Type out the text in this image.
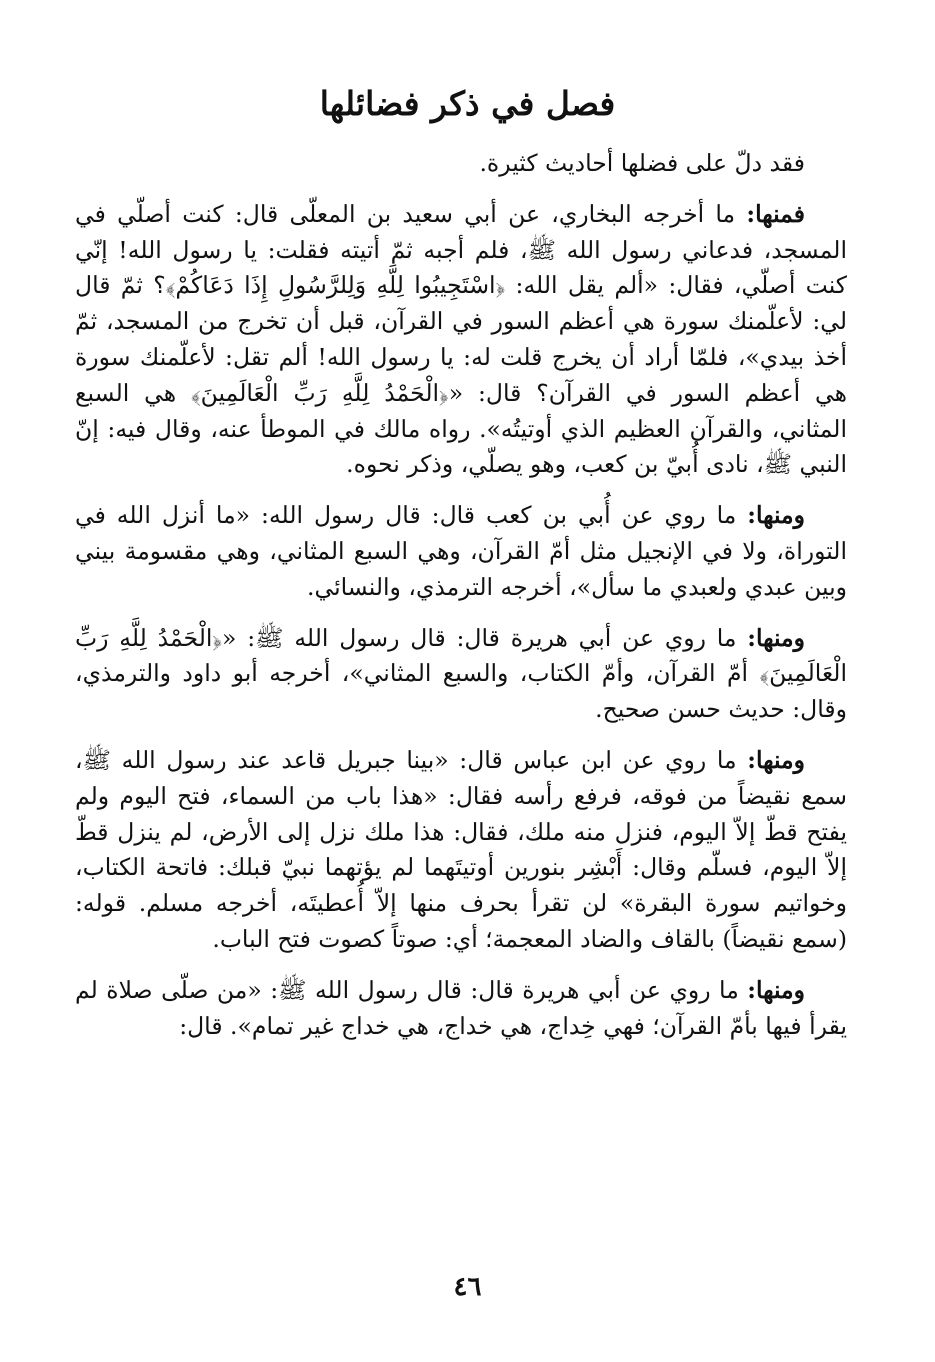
فصل في ذكر فضائلها

فقد دلّ على فضلها أحاديث كثيرة.

فمنها: ما أخرجه البخاري، عن أبي سعيد بن المعلّى قال: كنت أصلّي في المسجد، فدعاني رسول الله ﷺ، فلم أجبه ثمّ أتيته فقلت: يا رسول الله! إنّي كنت أصلّي، فقال: «ألم يقل الله: ﴿اسْتَجِيبُوا لِلَّهِ وَلِلرَّسُولِ إِذَا دَعَاكُمْ﴾؟ ثمّ قال لي: لأعلّمنك سورة هي أعظم السور في القرآن، قبل أن تخرج من المسجد، ثمّ أخذ بيدي»، فلمّا أراد أن يخرج قلت له: يا رسول الله! ألم تقل: لأعلّمنك سورة هي أعظم السور في القرآن؟ قال: «﴿الْحَمْدُ لِلَّهِ رَبِّ الْعَالَمِينَ﴾ هي السبع المثاني، والقرآن العظيم الذي أوتيتُه». رواه مالك في الموطأ عنه، وقال فيه: إنّ النبي ﷺ، نادى أُبيّ بن كعب، وهو يصلّي، وذكر نحوه.

ومنها: ما روي عن أُبي بن كعب قال: قال رسول الله: «ما أنزل الله في التوراة، ولا في الإنجيل مثل أمّ القرآن، وهي السبع المثاني، وهي مقسومة بيني وبين عبدي ولعبدي ما سأل»، أخرجه الترمذي، والنسائي.

ومنها: ما روي عن أبي هريرة قال: قال رسول الله ﷺ: «﴿الْحَمْدُ لِلَّهِ رَبِّ الْعَالَمِينَ﴾ أمّ القرآن، وأمّ الكتاب، والسبع المثاني»، أخرجه أبو داود والترمذي، وقال: حديث حسن صحيح.

ومنها: ما روي عن ابن عباس قال: «بينا جبريل قاعد عند رسول الله ﷺ، سمع نقيضاً من فوقه، فرفع رأسه فقال: «هذا باب من السماء، فتح اليوم ولم يفتح قطّ إلاّ اليوم، فنزل منه ملك، فقال: هذا ملك نزل إلى الأرض، لم ينزل قطّ إلاّ اليوم، فسلّم وقال: أَبْشِر بنورين أوتيتَهما لم يؤتهما نبيّ قبلك: فاتحة الكتاب، وخواتيم سورة البقرة» لن تقرأ بحرف منها إلاّ أُعطيتَه، أخرجه مسلم. قوله: (سمع نقيضاً) بالقاف والضاد المعجمة؛ أي: صوتاً كصوت فتح الباب.

ومنها: ما روي عن أبي هريرة قال: قال رسول الله ﷺ: «من صلّى صلاة لم يقرأ فيها بأمّ القرآن؛ فهي خِداج، هي خداج، هي خداج غير تمام». قال:

٤٦
